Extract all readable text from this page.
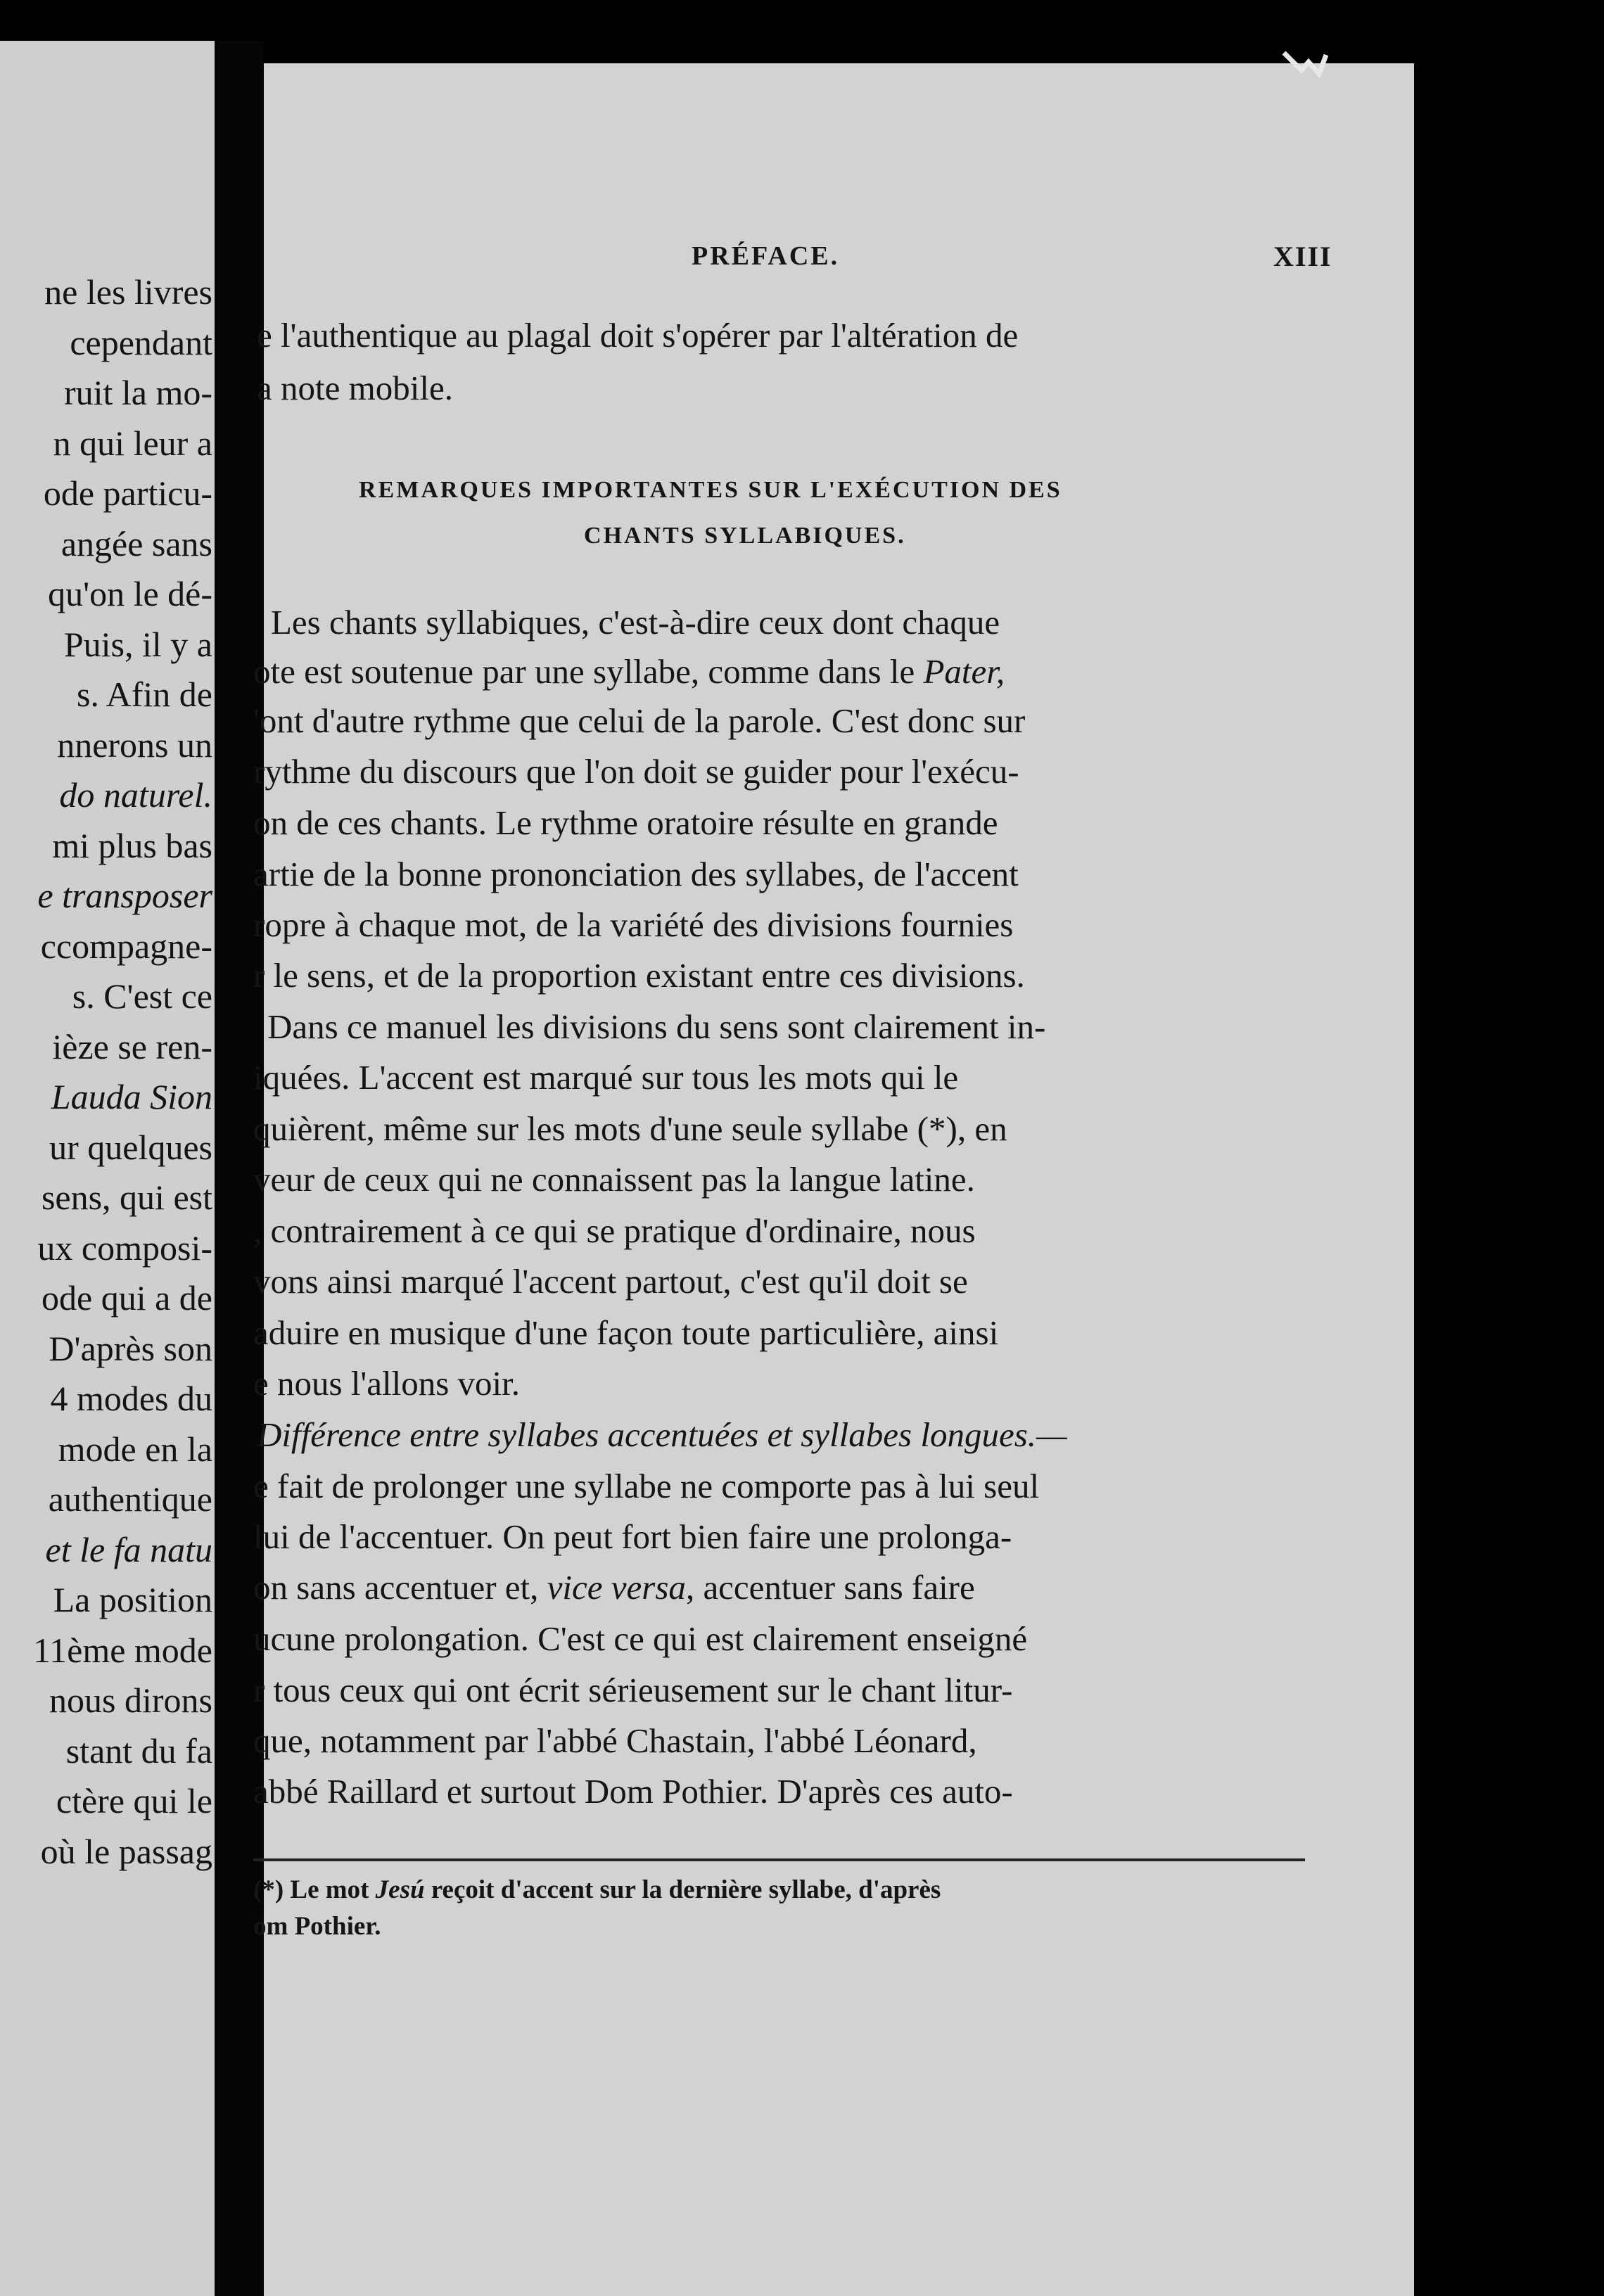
ne les livres
cependant
ruit la mo-
n qui leur a
ode particu-
angée sans
qu'on le dé-
Puis, il y a
s. Afin de
nnerons un
do naturel.
mi plus bas
e transposer
ccompagne-
s. C'est ce
ièze se ren-
Lauda Sion
ur quelques
sens, qui est
ux composi-
ode qui a de
D'après son
4 modes du
mode en la
authentique
et le fa natu
La position
11ème mode
nous dirons
stant du fa
ctère qui le
où le passag
PRÉFACE.	XIII
e l'authentique au plagal doit s'opérer par l'altération de
a note mobile.
REMARQUES IMPORTANTES SUR L'EXÉCUTION DES
CHANTS SYLLABIQUES.
Les chants syllabiques, c'est-à-dire ceux dont chaque
ote est soutenue par une syllabe, comme dans le Pater,
'ont d'autre rythme que celui de la parole. C'est donc sur
rythme du discours que l'on doit se guider pour l'exécu-
on de ces chants. Le rythme oratoire résulte en grande
artie de la bonne prononciation des syllabes, de l'accent
ropre à chaque mot, de la variété des divisions fournies
r le sens, et de la proportion existant entre ces divisions.
Dans ce manuel les divisions du sens sont clairement in-
iquées. L'accent est marqué sur tous les mots qui le
quièrent, même sur les mots d'une seule syllabe (*), en
veur de ceux qui ne connaissent pas la langue latine.
, contrairement à ce qui se pratique d'ordinaire, nous
vons ainsi marqué l'accent partout, c'est qu'il doit se
aduire en musique d'une façon toute particulière, ainsi
e nous l'allons voir.
Différence entre syllabes accentuées et syllabes longues.—
e fait de prolonger une syllabe ne comporte pas à lui seul
lui de l'accentuer. On peut fort bien faire une prolonga-
on sans accentuer et, vice versa, accentuer sans faire
ucune prolongation. C'est ce qui est clairement enseigné
r tous ceux qui ont écrit sérieusement sur le chant litur-
que, notamment par l'abbé Chastain, l'abbé Léonard,
abbé Raillard et surtout Dom Pothier. D'après ces auto-
(*) Le mot Jesú reçoit d'accent sur la dernière syllabe, d'après
om Pothier.
